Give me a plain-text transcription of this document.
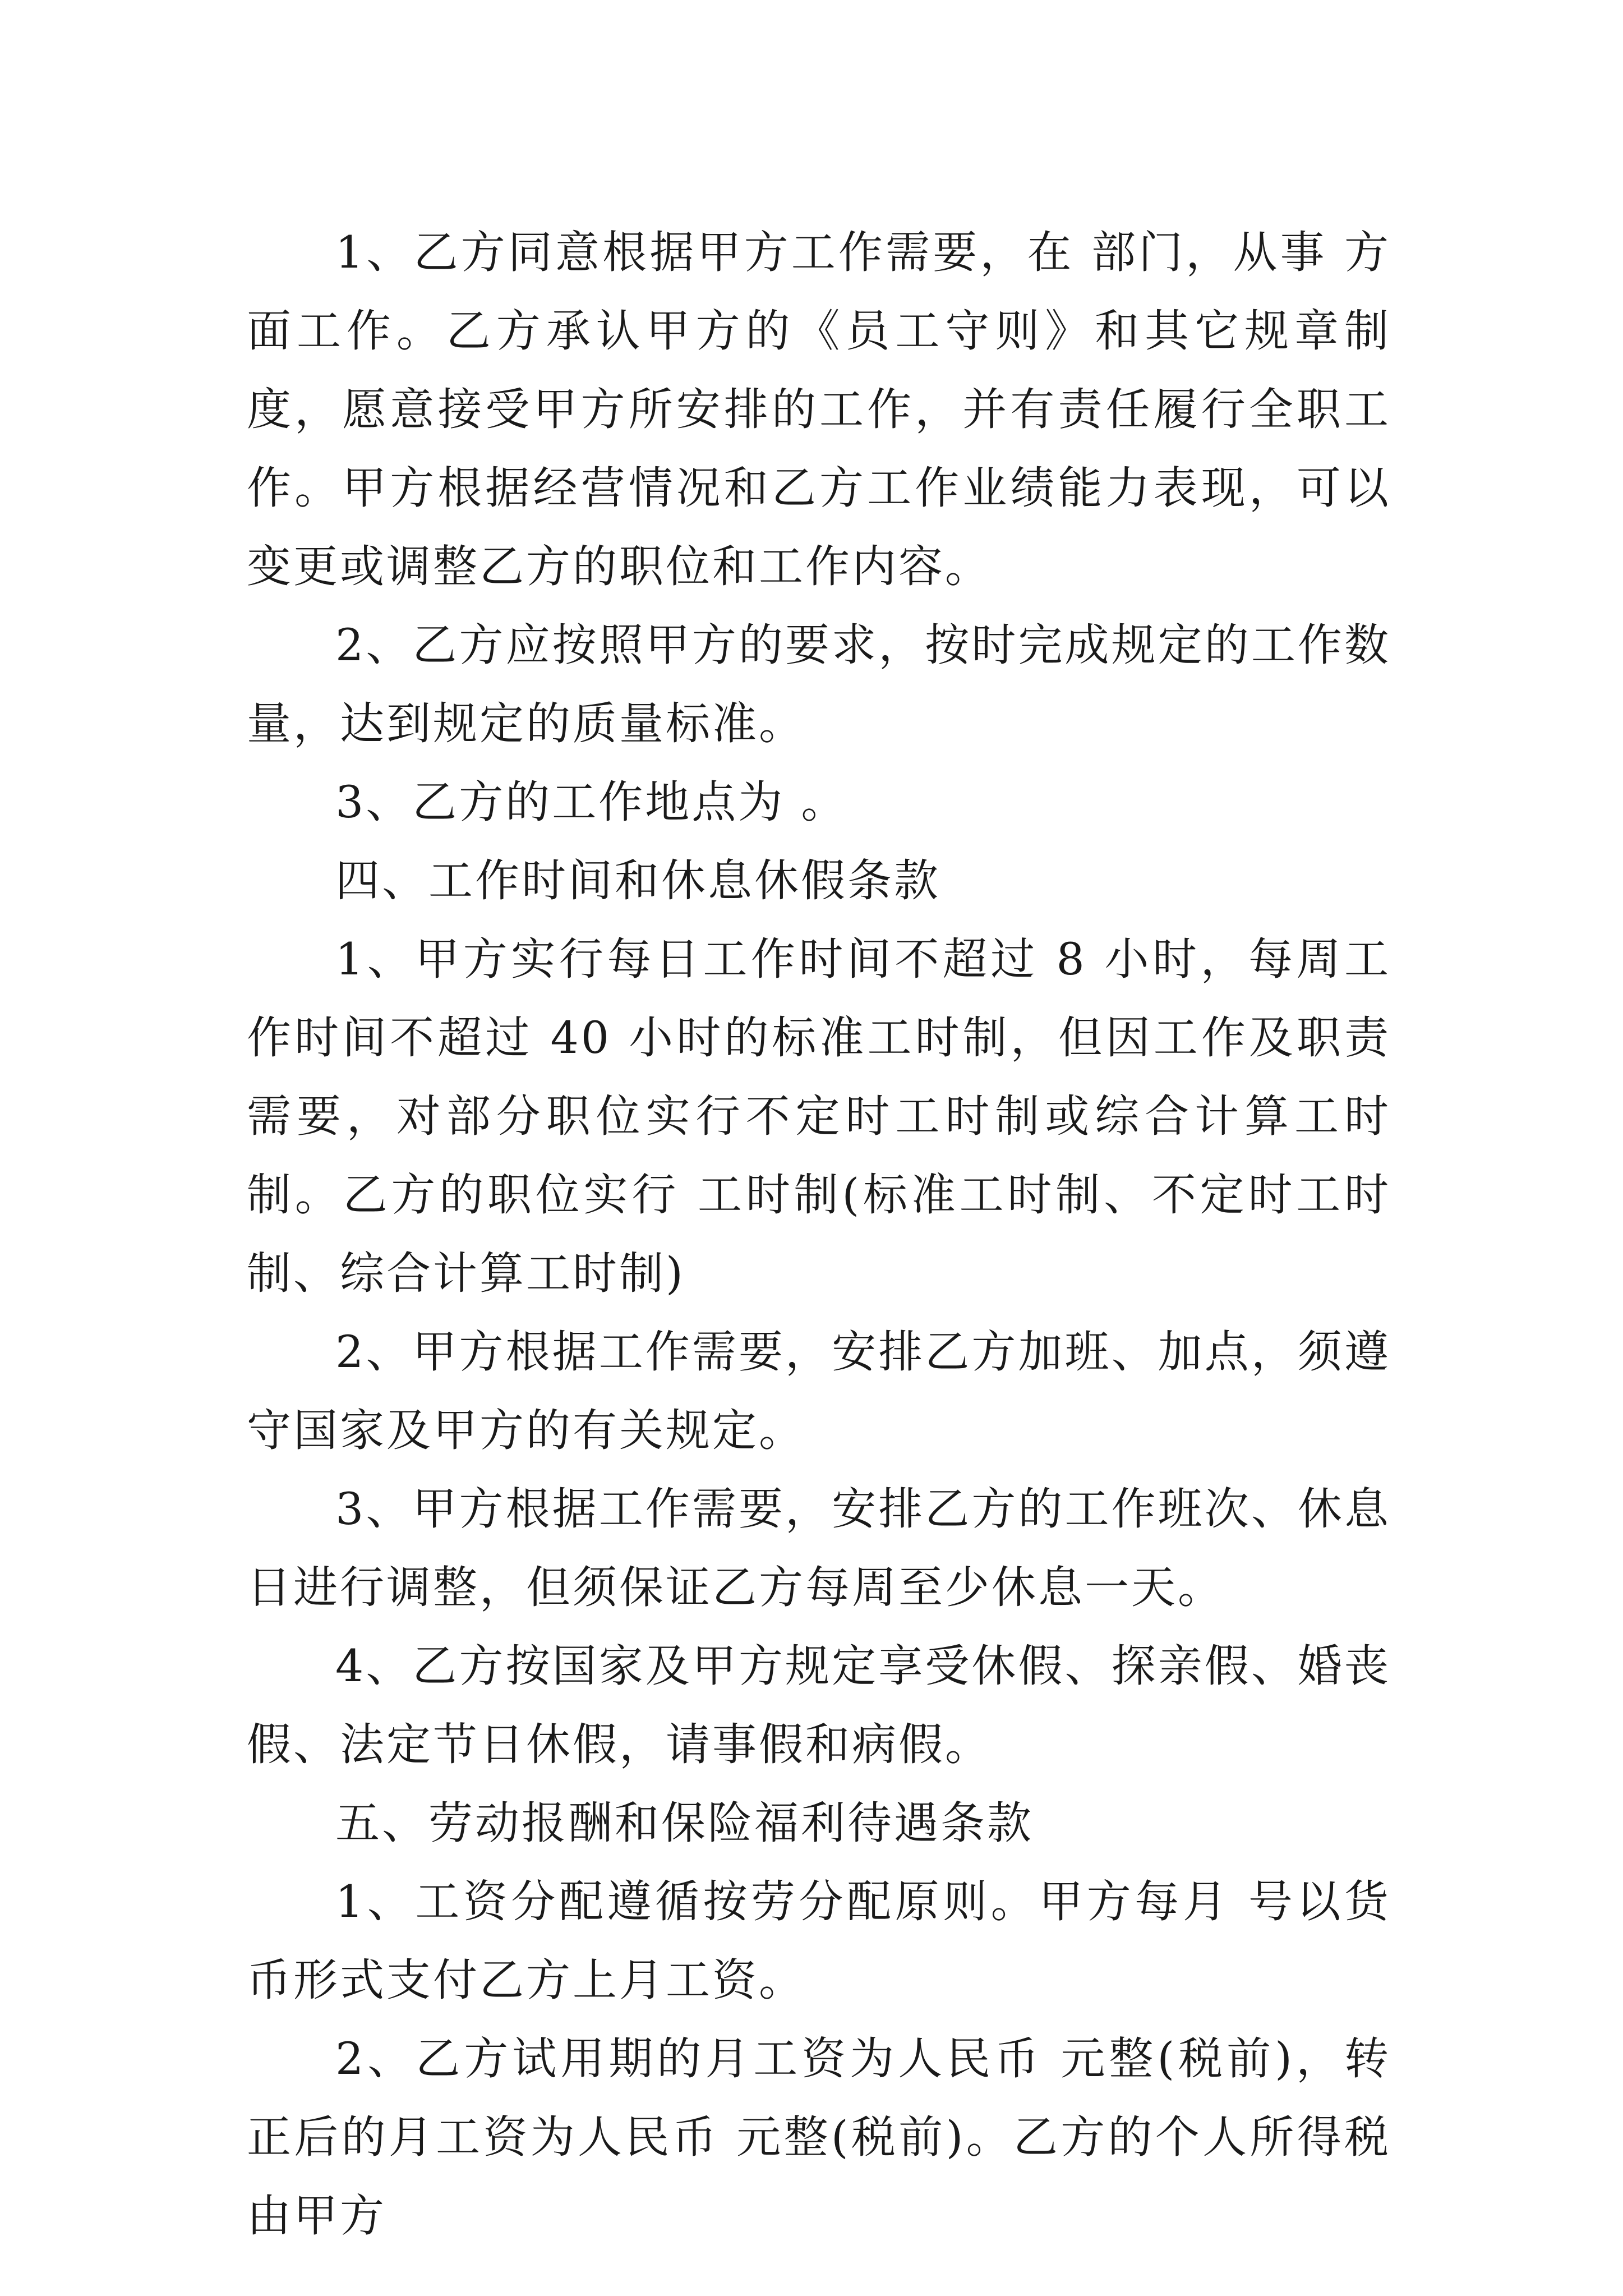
1、乙方同意根据甲方工作需要，在 部门，从事 方面工作。乙方承认甲方的《员工守则》和其它规章制度，愿意接受甲方所安排的工作，并有责任履行全职工作。甲方根据经营情况和乙方工作业绩能力表现，可以变更或调整乙方的职位和工作内容。

2、乙方应按照甲方的要求，按时完成规定的工作数量，达到规定的质量标准。

3、乙方的工作地点为 。

四、工作时间和休息休假条款

1、甲方实行每日工作时间不超过 8 小时，每周工作时间不超过 40 小时的标准工时制，但因工作及职责需要，对部分职位实行不定时工时制或综合计算工时制。乙方的职位实行 工时制(标准工时制、不定时工时制、综合计算工时制)

2、甲方根据工作需要，安排乙方加班、加点，须遵守国家及甲方的有关规定。

3、甲方根据工作需要，安排乙方的工作班次、休息日进行调整，但须保证乙方每周至少休息一天。

4、乙方按国家及甲方规定享受休假、探亲假、婚丧假、法定节日休假，请事假和病假。

五、劳动报酬和保险福利待遇条款

1、工资分配遵循按劳分配原则。甲方每月 号以货币形式支付乙方上月工资。

2、乙方试用期的月工资为人民币 元整(税前)，转正后的月工资为人民币 元整(税前)。乙方的个人所得税由甲方
